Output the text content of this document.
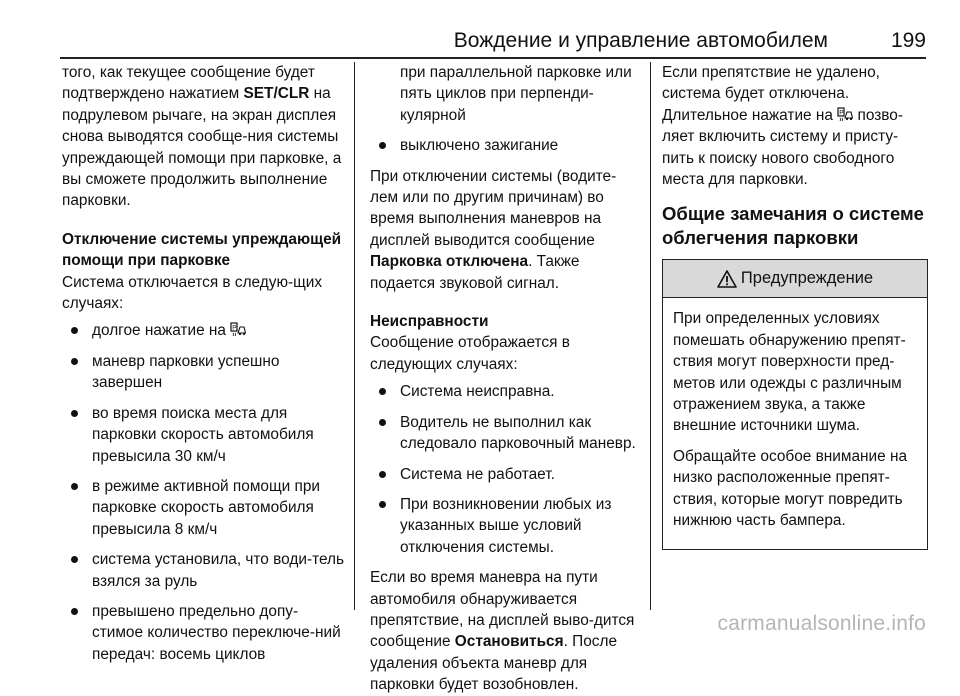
Вождение и управление автомобилем	199

того, как текущее сообщение будет подтверждено нажатием SET/CLR на подрулевом рычаге, на экран дисплея снова выводятся сообще-ния системы упреждающей помощи при парковке, а вы сможете продолжить выполнение парковки.

Отключение системы упреждающей помощи при парковке

Система отключается в следую-щих случаях:

долгое нажатие на P
маневр парковки успешно завершен
во время поиска места для парковки скорость автомобиля превысила 30 км/ч
в режиме активной помощи при парковке скорость автомобиля превысила 8 км/ч
система установила, что води-тель взялся за руль
превышено предельно допу-стимое количество переключе-ний передач: восемь циклов

при параллельной парковке или пять циклов при перпенди-кулярной

выключено зажигание

При отключении системы (водите-лем или по другим причинам) во время выполнения маневров на дисплей выводится сообщение Парковка отключена. Также подается звуковой сигнал.

Неисправности

Сообщение отображается в следующих случаях:

Система неисправна.
Водитель не выполнил как следовало парковочный маневр.
Система не работает.
При возникновении любых из указанных выше условий отключения системы.

Если во время маневра на пути автомобиля обнаруживается препятствие, на дисплей выво-дится сообщение Остановиться. После удаления объекта маневр для парковки будет возобновлен.

Если препятствие не удалено, система будет отключена.

Длительное нажатие на P позво-ляет включить систему и присту-пить к поиску нового свободного места для парковки.

Общие замечания о системе облегчения парковки

Предупреждение

При определенных условиях помешать обнаружению препят-ствия могут поверхности пред-метов или одежды с различным отражением звука, а также внешние источники шума.

Обращайте особое внимание на низко расположенные препят-ствия, которые могут повредить нижнюю часть бампера.

carmanualsonline.info
